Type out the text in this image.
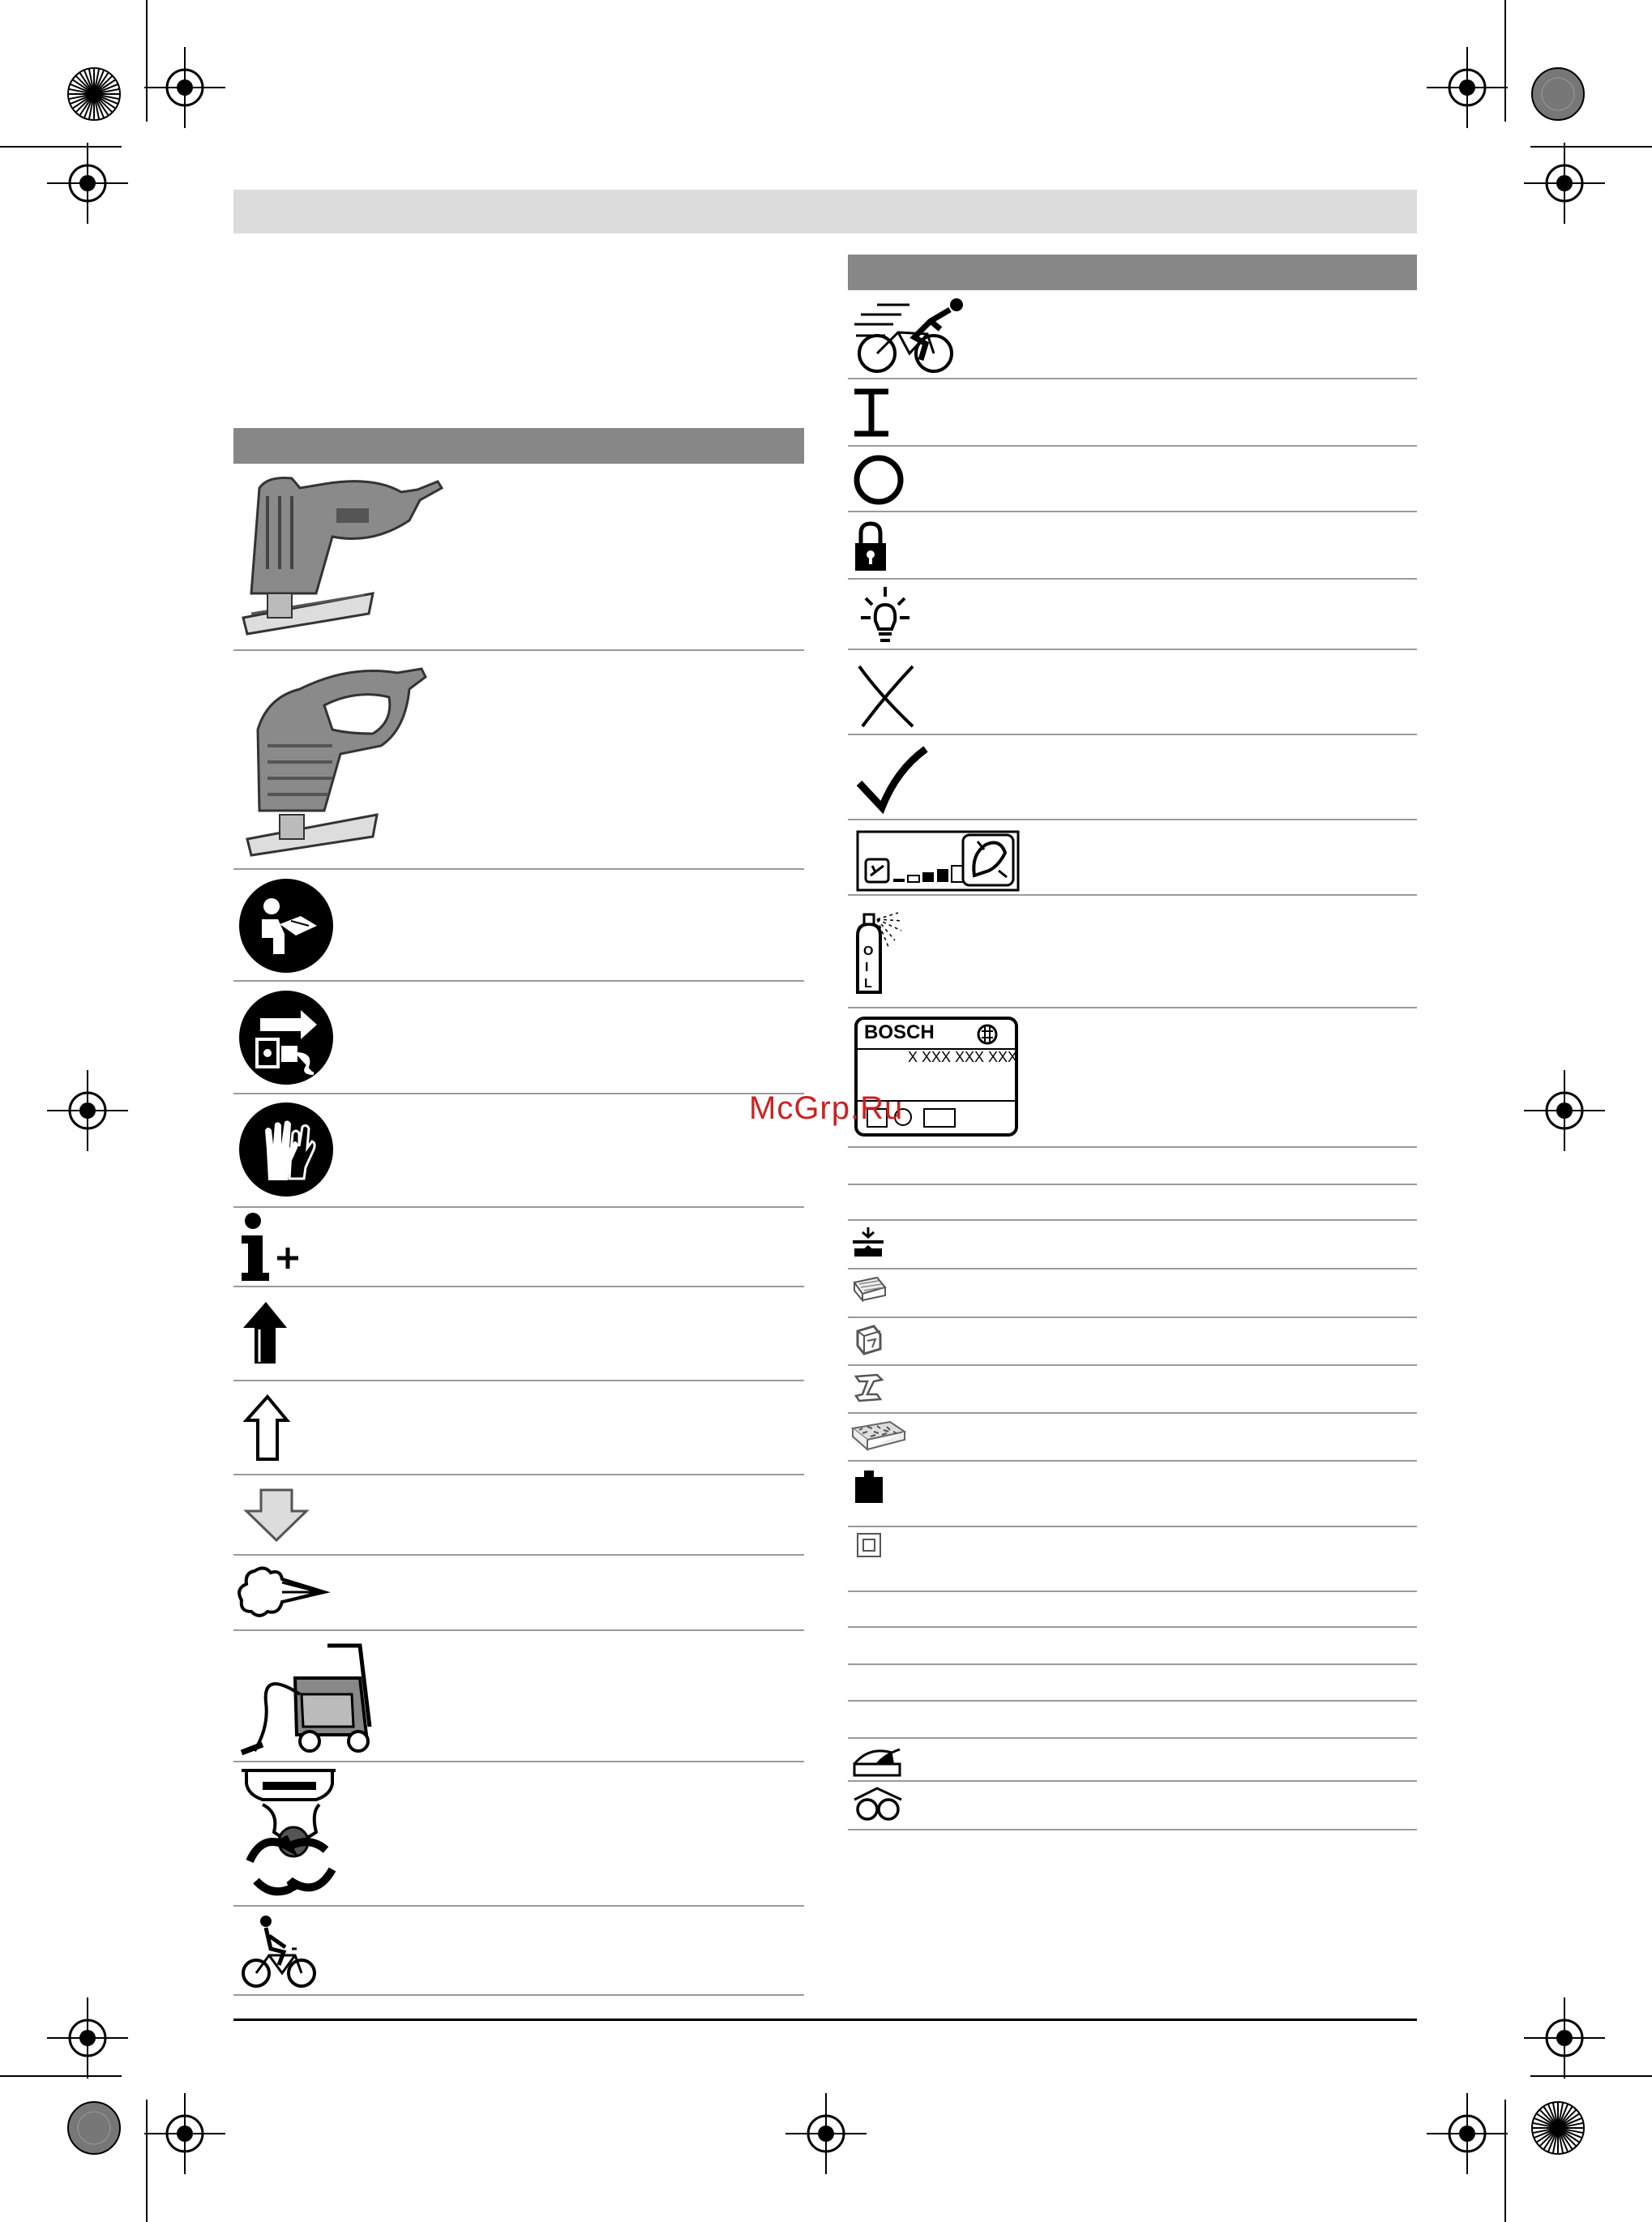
O
I
L
BOSCH
X XXX XXX XXX
McGrp.Ru
